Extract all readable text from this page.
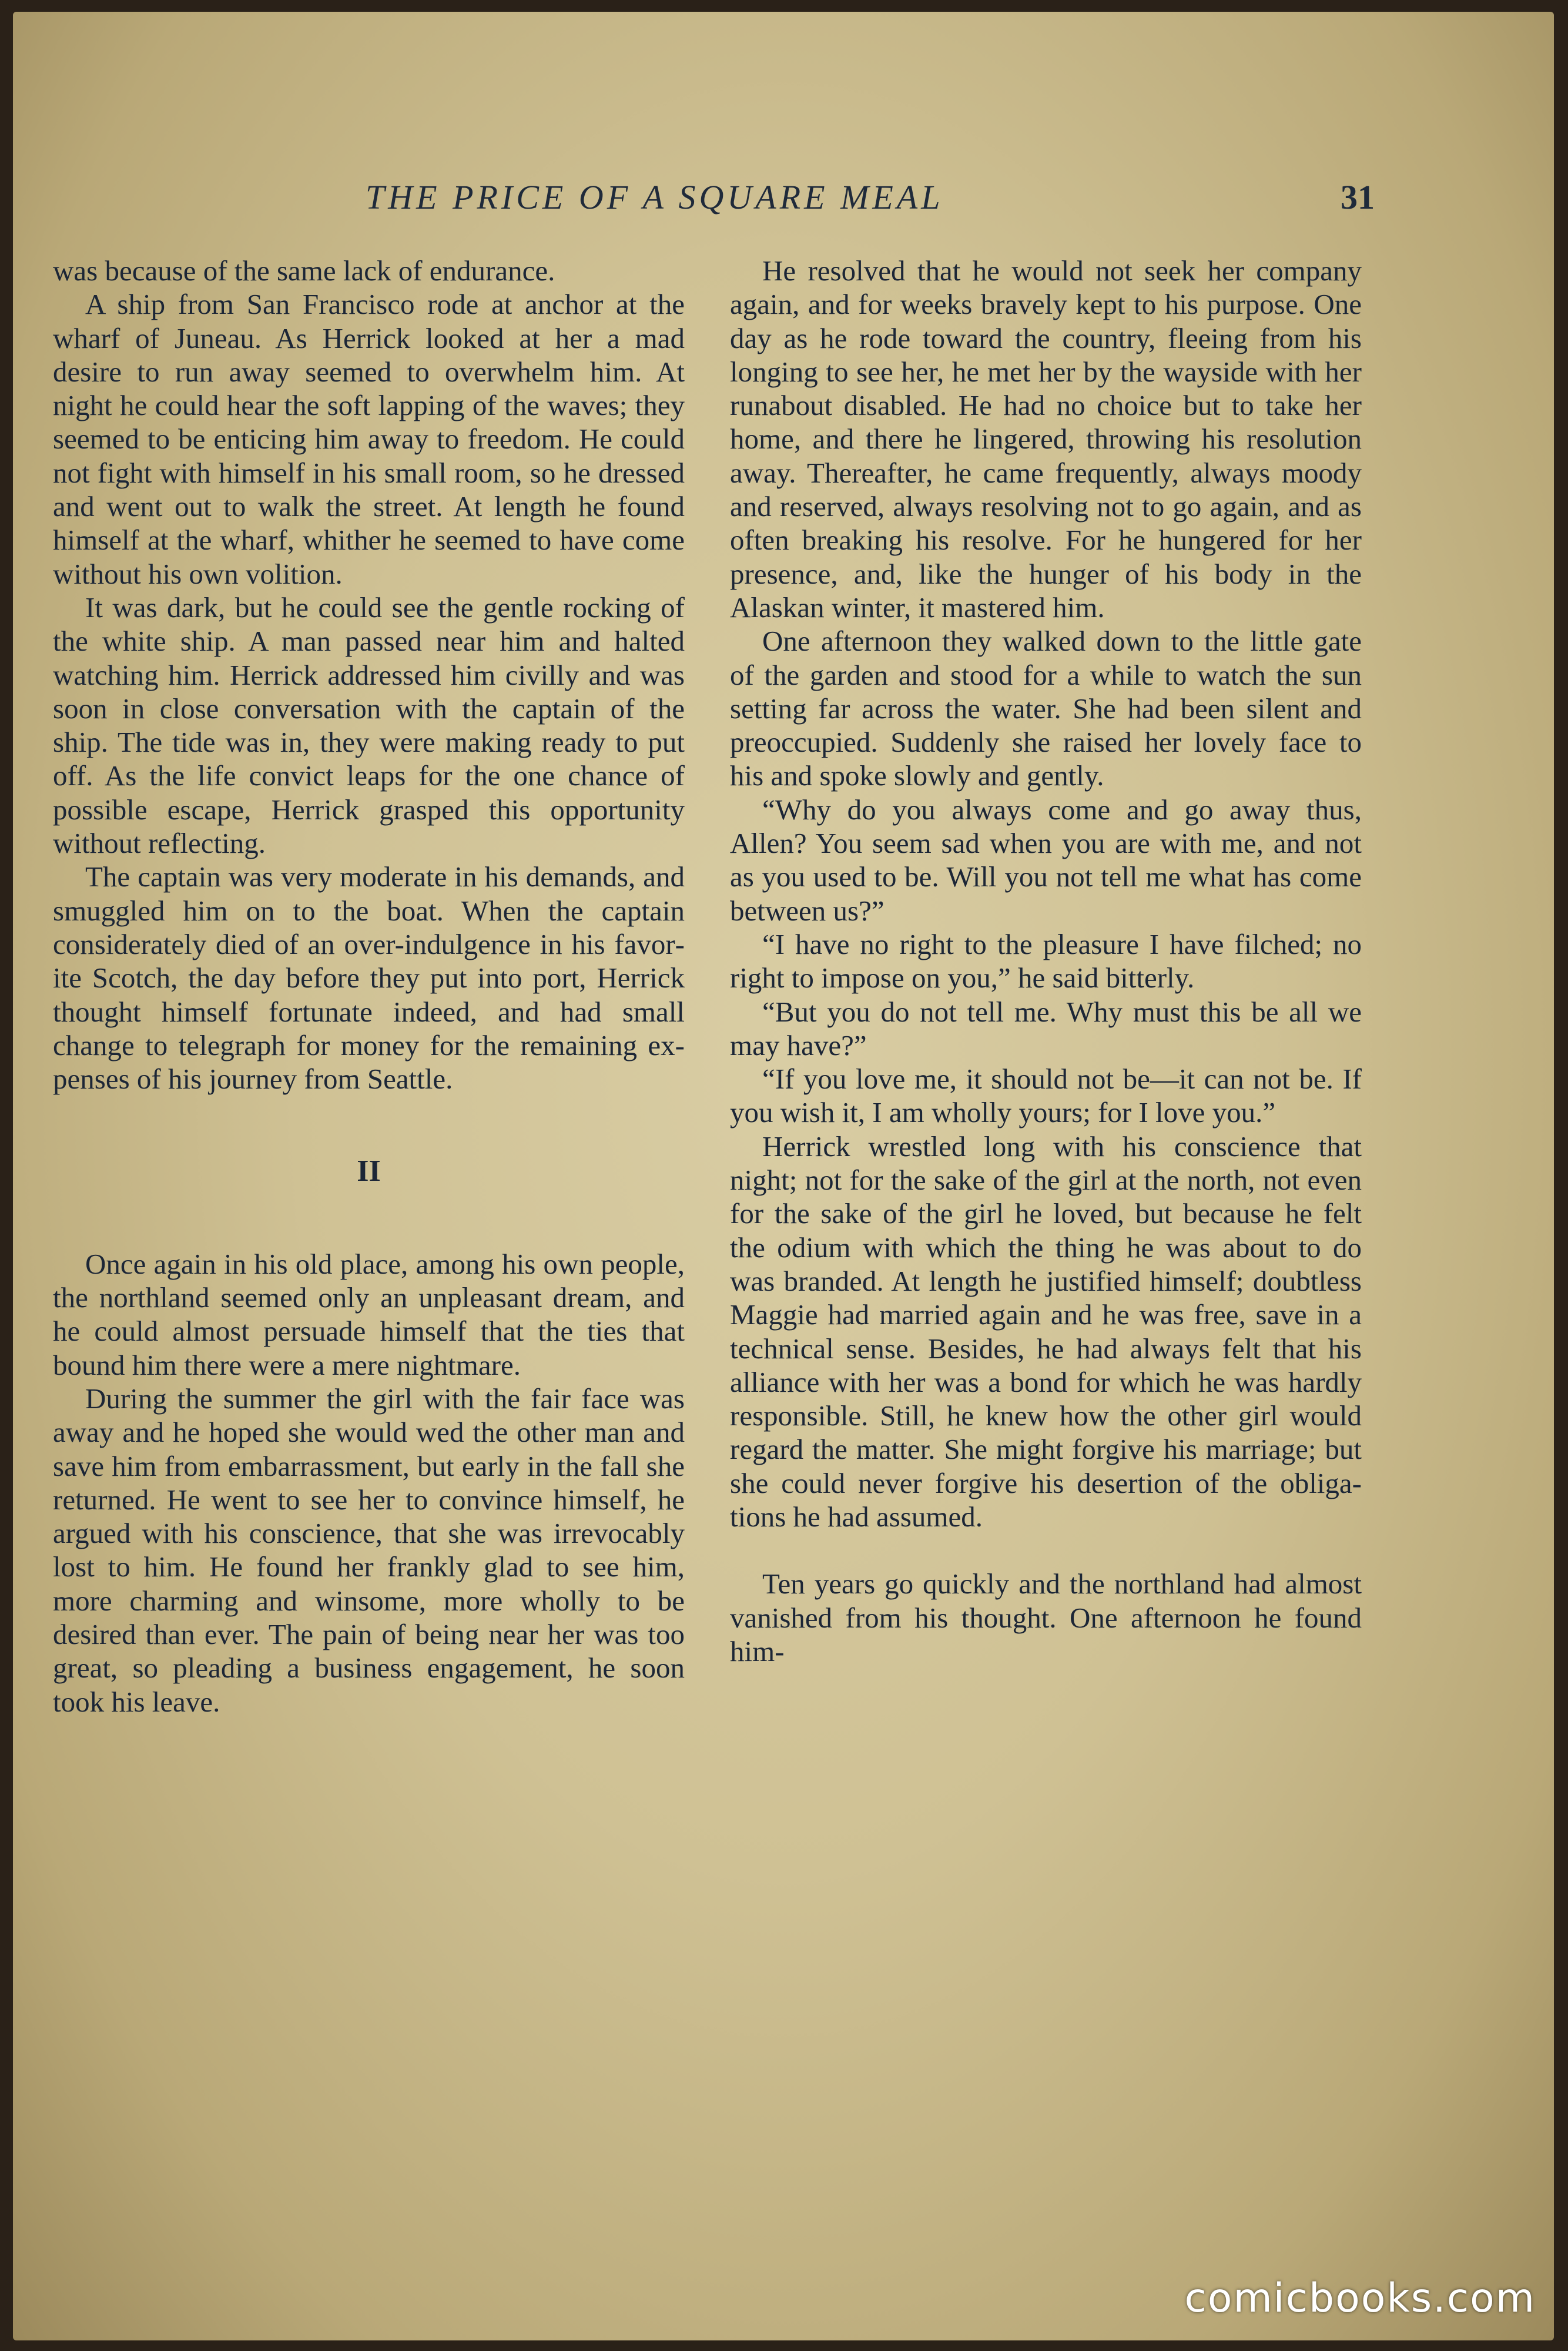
THE PRICE OF A SQUARE MEAL	31

was because of the same lack of endurance.

A ship from San Francisco rode at anchor at the wharf of Juneau. As Herrick looked at her a mad desire to run away seemed to overwhelm him. At night he could hear the soft lapping of the waves; they seemed to be enticing him away to freedom. He could not fight with himself in his small room, so he dressed and went out to walk the street. At length he found himself at the wharf, whither he seemed to have come without his own volition.

It was dark, but he could see the gentle rocking of the white ship. A man passed near him and halted watching him. Herrick addressed him civilly and was soon in close conversation with the captain of the ship. The tide was in, they were making ready to put off. As the life convict leaps for the one chance of possible escape, Herrick grasped this opportunity without reflecting.

The captain was very moderate in his demands, and smuggled him on to the boat. When the captain considerately died of an over-indulgence in his favorite Scotch, the day before they put into port, Herrick thought himself fortunate indeed, and had small change to telegraph for money for the remaining expenses of his journey from Seattle.

II

Once again in his old place, among his own people, the northland seemed only an unpleasant dream, and he could almost persuade himself that the ties that bound him there were a mere nightmare.

During the summer the girl with the fair face was away and he hoped she would wed the other man and save him from embarrassment, but early in the fall she returned. He went to see her to convince himself, he argued with his conscience, that she was irrevocably lost to him. He found her frankly glad to see him, more charming and winsome, more wholly to be desired than ever. The pain of being near her was too great, so pleading a business engagement, he soon took his leave.

He resolved that he would not seek her company again, and for weeks bravely kept to his purpose. One day as he rode toward the country, fleeing from his longing to see her, he met her by the wayside with her runabout disabled. He had no choice but to take her home, and there he lingered, throwing his resolution away. Thereafter, he came frequently, always moody and reserved, always resolving not to go again, and as often breaking his resolve. For he hungered for her presence, and, like the hunger of his body in the Alaskan winter, it mastered him.

One afternoon they walked down to the little gate of the garden and stood for a while to watch the sun setting far across the water. She had been silent and preoccupied. Suddenly she raised her lovely face to his and spoke slowly and gently.

“Why do you always come and go away thus, Allen? You seem sad when you are with me, and not as you used to be. Will you not tell me what has come between us?”

“I have no right to the pleasure I have filched; no right to impose on you,” he said bitterly.

“But you do not tell me. Why must this be all we may have?”

“If you love me, it should not be—it can not be. If you wish it, I am wholly yours; for I love you.”

Herrick wrestled long with his conscience that night; not for the sake of the girl at the north, not even for the sake of the girl he loved, but because he felt the odium with which the thing he was about to do was branded. At length he justified himself; doubtless Maggie had married again and he was free, save in a technical sense. Besides, he had always felt that his alliance with her was a bond for which he was hardly responsible. Still, he knew how the other girl would regard the matter. She might forgive his marriage; but she could never forgive his desertion of the obligations he had assumed.

Ten years go quickly and the northland had almost vanished from his thought. One afternoon he found him-

comicbooks.com
